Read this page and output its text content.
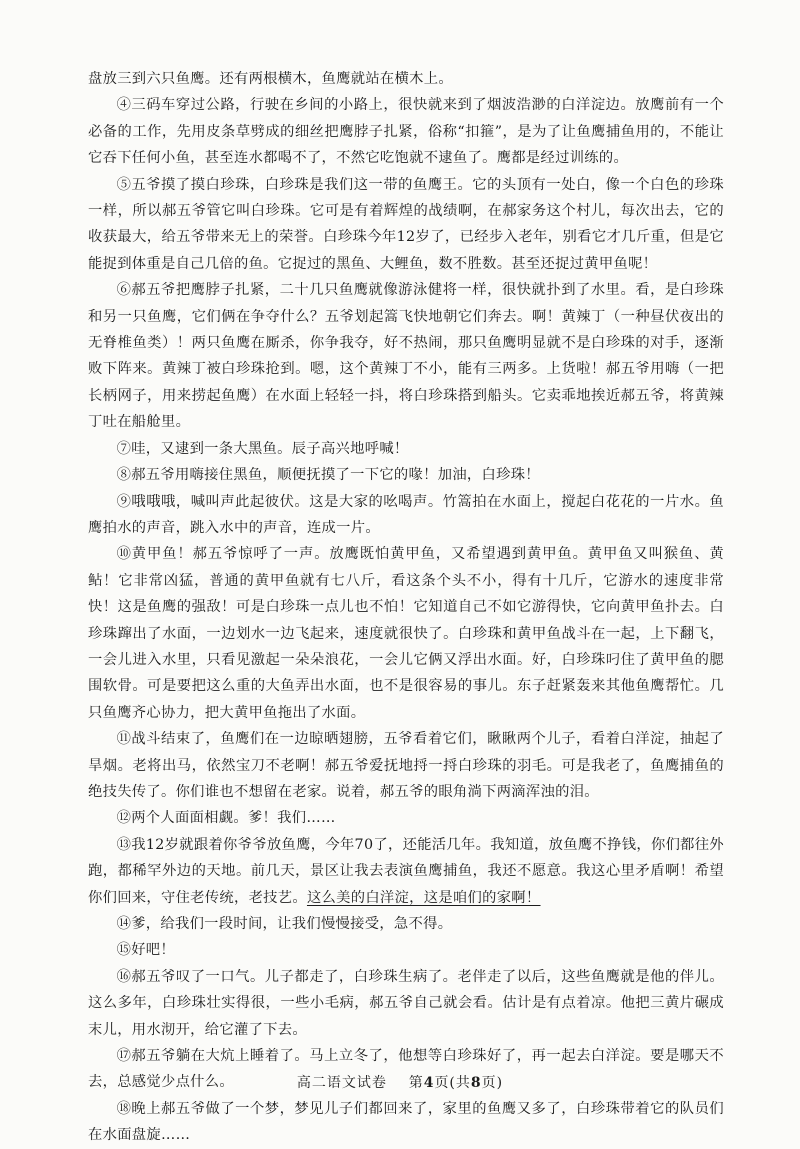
盘放三到六只鱼鹰。还有两根横木，鱼鹰就站在横木上。

④三码车穿过公路，行驶在乡间的小路上，很快就来到了烟波浩渺的白洋淀边。放鹰前有一个必备的工作，先用皮条草劈成的细丝把鹰脖子扎紧，俗称“扣箍”，是为了让鱼鹰捕鱼用的，不能让它吞下任何小鱼，甚至连水都喝不了，不然它吃饱就不逮鱼了。鹰都是经过训练的。

⑤五爷摸了摸白珍珠，白珍珠是我们这一带的鱼鹰王。它的头顶有一处白，像一个白色的珍珠一样，所以郝五爷管它叫白珍珠。它可是有着辉煌的战绩啊，在郝家务这个村儿，每次出去，它的收获最大，给五爷带来无上的荣誉。白珍珠今年12岁了，已经步入老年，别看它才几斤重，但是它能捉到体重是自己几倍的鱼。它捉过的黑鱼、大鲤鱼，数不胜数。甚至还捉过黄甲鱼呢！

⑥郝五爷把鹰脖子扎紧，二十几只鱼鹰就像游泳健将一样，很快就扑到了水里。看，是白珍珠和另一只鱼鹰，它们俩在争夺什么？五爷划起篙飞快地朝它们奔去。啊！黄辣丁（一种昼伏夜出的无脊椎鱼类）！两只鱼鹰在厮杀，你争我夺，好不热闹，那只鱼鹰明显就不是白珍珠的对手，逐渐败下阵来。黄辣丁被白珍珠抢到。嗯，这个黄辣丁不小，能有三两多。上货啦！郝五爷用嗨（一把长柄网子，用来捞起鱼鹰）在水面上轻轻一抖，将白珍珠搭到船头。它卖乖地挨近郝五爷，将黄辣丁吐在船舱里。

⑦哇，又逮到一条大黑鱼。辰子高兴地呼喊！

⑧郝五爷用嗨接住黑鱼，顺便抚摸了一下它的喙！加油，白珍珠！

⑨哦哦哦，喊叫声此起彼伏。这是大家的吆喝声。竹篙拍在水面上，搅起白花花的一片水。鱼鹰拍水的声音，跳入水中的声音，连成一片。

⑩黄甲鱼！郝五爷惊呼了一声。放鹰既怕黄甲鱼，又希望遇到黄甲鱼。黄甲鱼又叫猴鱼、黄鲇！它非常凶猛，普通的黄甲鱼就有七八斤，看这条个头不小，得有十几斤，它游水的速度非常快！这是鱼鹰的强敌！可是白珍珠一点儿也不怕！它知道自己不如它游得快，它向黄甲鱼扑去。白珍珠蹿出了水面，一边划水一边飞起来，速度就很快了。白珍珠和黄甲鱼战斗在一起，上下翻飞，一会儿进入水里，只看见激起一朵朵浪花，一会儿它俩又浮出水面。好，白珍珠叼住了黄甲鱼的腮围软骨。可是要把这么重的大鱼弄出水面，也不是很容易的事儿。东子赶紧轰来其他鱼鹰帮忙。几只鱼鹰齐心协力，把大黄甲鱼拖出了水面。

⑪战斗结束了，鱼鹰们在一边晾晒翅膀，五爷看着它们，瞅瞅两个儿子，看着白洋淀，抽起了旱烟。老将出马，依然宝刀不老啊！郝五爷爱抚地捋一捋白珍珠的羽毛。可是我老了，鱼鹰捕鱼的绝技失传了。你们谁也不想留在老家。说着，郝五爷的眼角淌下两滴浑浊的泪。

⑫两个人面面相觑。爹！我们……

⑬我12岁就跟着你爷爷放鱼鹰，今年70了，还能活几年。我知道，放鱼鹰不挣钱，你们都往外跑，都稀罕外边的天地。前几天，景区让我去表演鱼鹰捕鱼，我还不愿意。我这心里矛盾啊！希望你们回来，守住老传统，老技艺。这么美的白洋淀，这是咱们的家啊！

⑭爹，给我们一段时间，让我们慢慢接受，急不得。

⑮好吧！

⑯郝五爷叹了一口气。儿子都走了，白珍珠生病了。老伴走了以后，这些鱼鹰就是他的伴儿。这么多年，白珍珠壮实得很，一些小毛病，郝五爷自己就会看。估计是有点着凉。他把三黄片碾成末儿，用水沏开，给它灌了下去。

⑰郝五爷躺在大炕上睡着了。马上立冬了，他想等白珍珠好了，再一起去白洋淀。要是哪天不去，总感觉少点什么。

⑱晚上郝五爷做了一个梦，梦见儿子们都回来了，家里的鱼鹰又多了，白珍珠带着它的队员们在水面盘旋……

高二语文试卷 第4页(共8页)
